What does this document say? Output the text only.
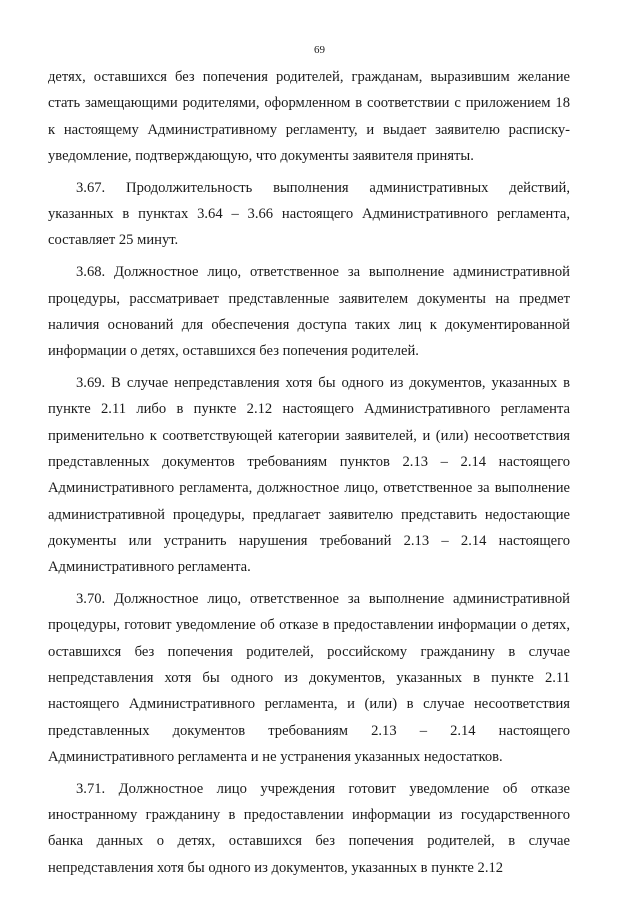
69

детях, оставшихся без попечения родителей, гражданам, выразившим желание стать замещающими родителями, оформленном в соответствии с приложением 18 к настоящему Административному регламенту, и выдает заявителю расписку-уведомление, подтверждающую, что документы заявителя приняты.

3.67. Продолжительность выполнения административных действий, указанных в пунктах 3.64 – 3.66 настоящего Административного регламента, составляет 25 минут.

3.68. Должностное лицо, ответственное за выполнение административной процедуры, рассматривает представленные заявителем документы на предмет наличия оснований для обеспечения доступа таких лиц к документированной информации о детях, оставшихся без попечения родителей.

3.69. В случае непредставления хотя бы одного из документов, указанных в пункте 2.11 либо в пункте 2.12 настоящего Административного регламента применительно к соответствующей категории заявителей, и (или) несоответствия представленных документов требованиям пунктов 2.13 – 2.14 настоящего Административного регламента, должностное лицо, ответственное за выполнение административной процедуры, предлагает заявителю представить недостающие документы или устранить нарушения требований 2.13 – 2.14 настоящего Административного регламента.

3.70. Должностное лицо, ответственное за выполнение административной процедуры, готовит уведомление об отказе в предоставлении информации о детях, оставшихся без попечения родителей, российскому гражданину в случае непредставления хотя бы одного из документов, указанных в пункте 2.11 настоящего Административного регламента, и (или) в случае несоответствия представленных документов требованиям 2.13 – 2.14 настоящего Административного регламента и не устранения указанных недостатков.

3.71. Должностное лицо учреждения готовит уведомление об отказе иностранному гражданину в предоставлении информации из государственного банка данных о детях, оставшихся без попечения родителей, в случае непредставления хотя бы одного из документов, указанных в пункте 2.12
